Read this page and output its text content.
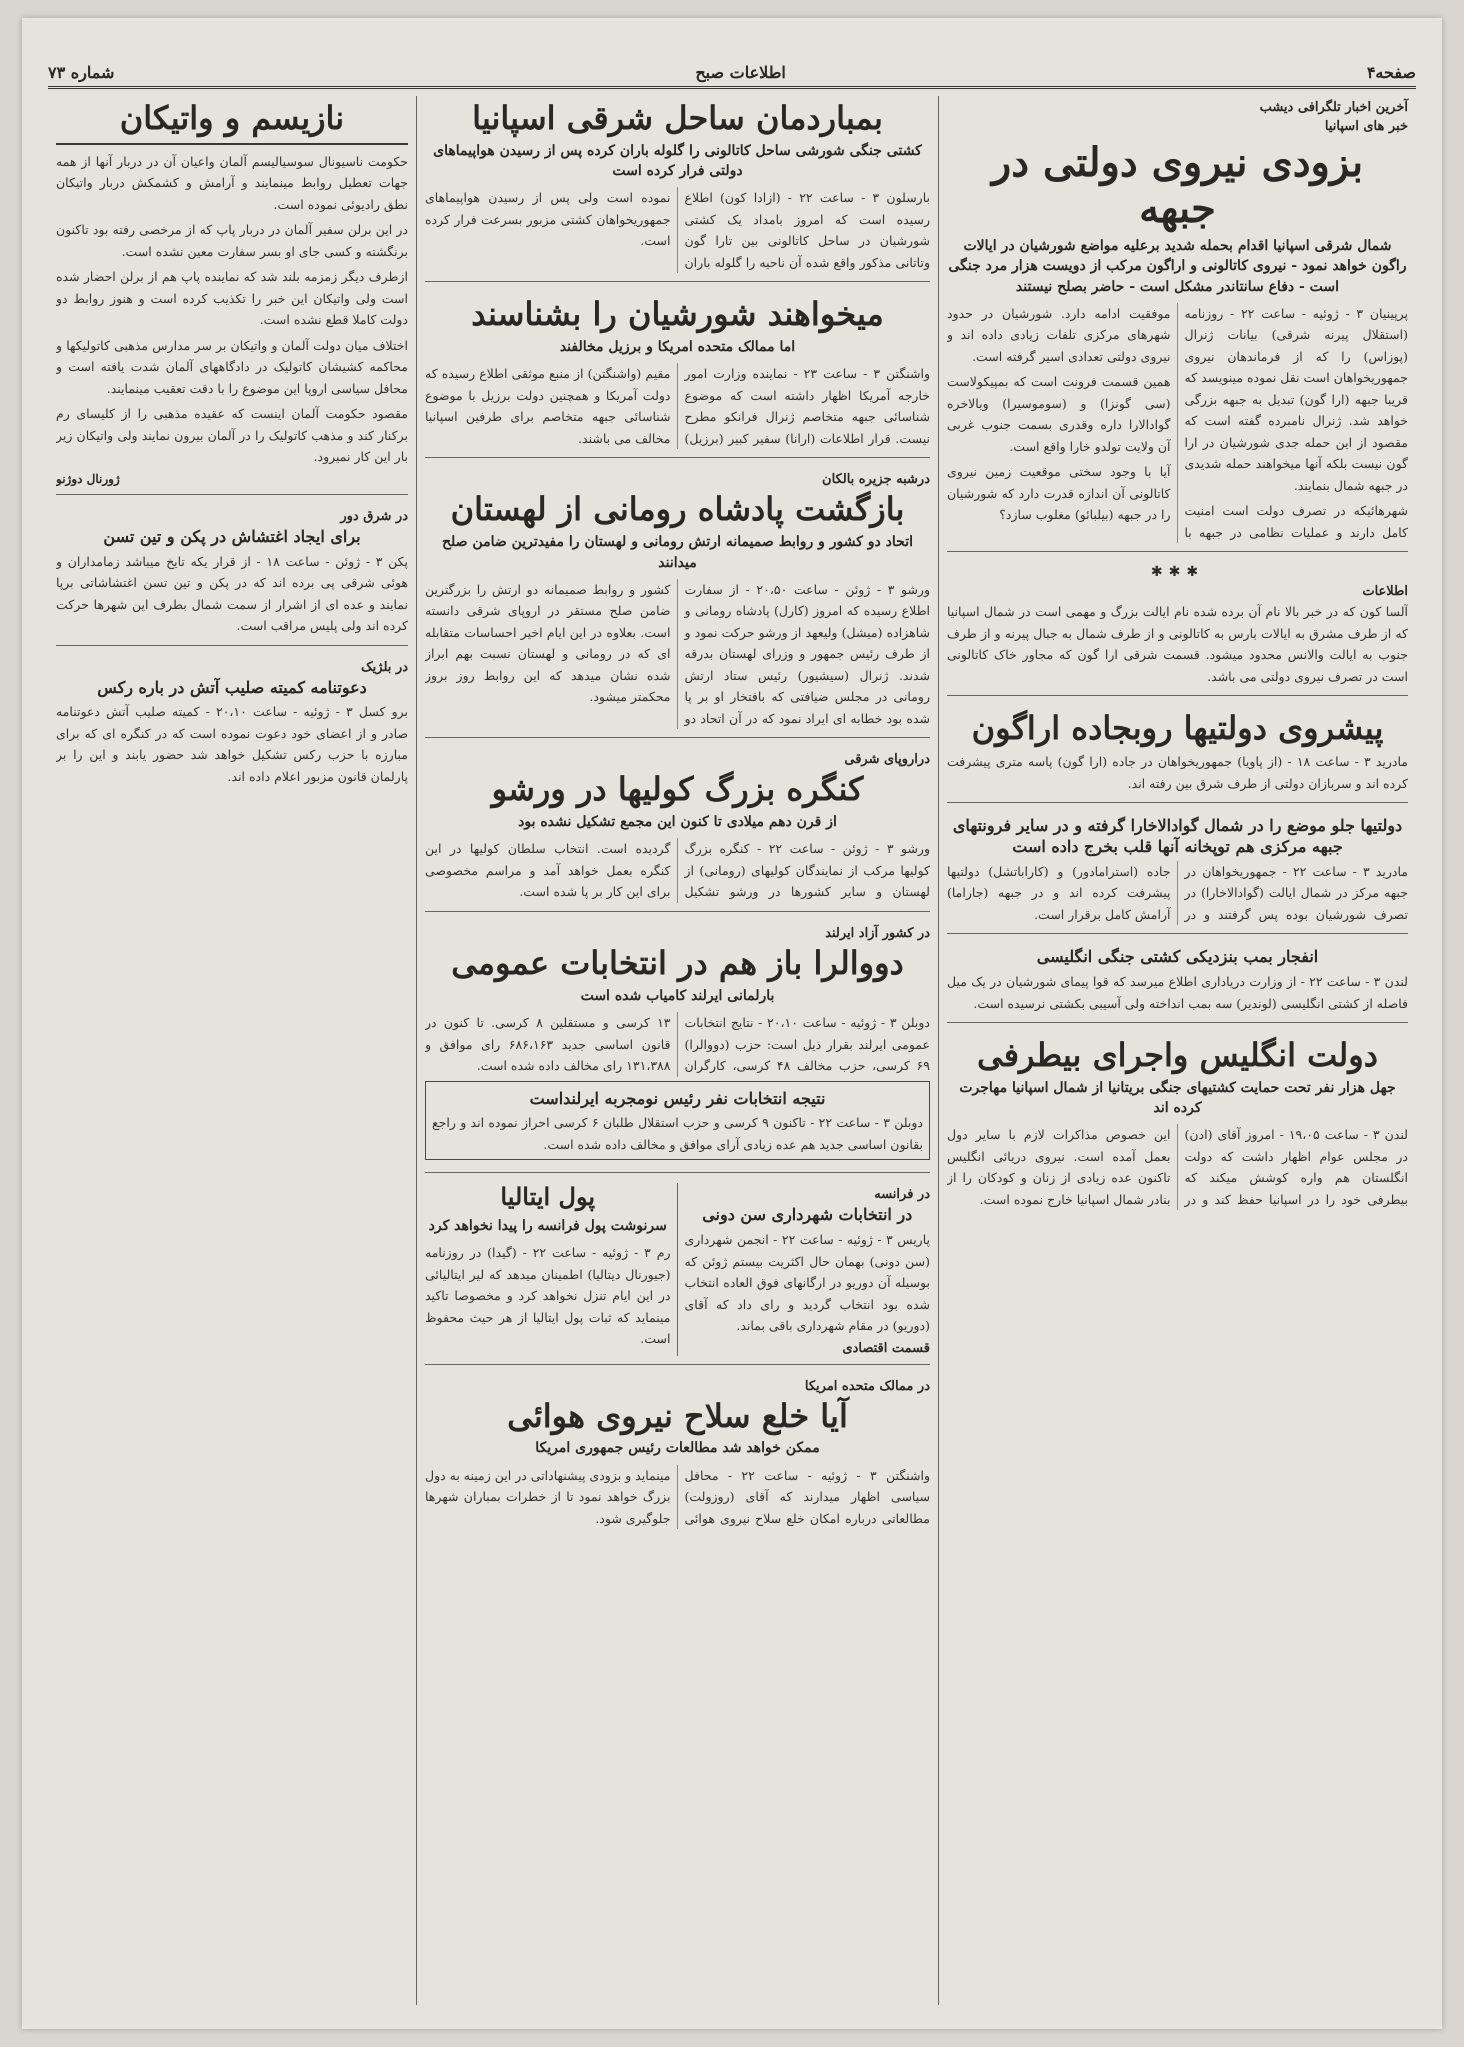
صفحه۴
اطلاعات صبح
شماره ۷۳
آخرین اخبار تلگرافی دیشب
خبر های اسپانیا
بزودی نیروی دولتی در جبهه
شمال شرقی اسپانیا اقدام بحمله شدید برعلیه مواضع شورشیان در ایالات راگون خواهد نمود - نیروی کاتالونی و اراگون مرکب از دویست هزار مرد جنگی است - دفاع سانتاندر مشکل است - حاضر بصلح نیستند

پرپینیان ۳ - ژوئیه - ساعت ۲۲ - روزنامه (استقلال پیرنه شرقی) بیانات ژنرال (پوزاس) را که از فرماندهان نیروی جمهوریخواهان است نقل نموده مینویسد که قریبا جبهه (ارا گون) تبدیل به جبهه بزرگی خواهد شد. ژنرال نامبرده گفته است که مقصود از این حمله جدی شورشیان در ارا گون نیست بلکه آنها میخواهند حمله شدیدی در جبهه شمال بنمایند.

شهرهائیکه در تصرف دولت است امنیت کامل دارند و عملیات نظامی در جبهه با موفقیت ادامه دارد. شورشیان در حدود شهرهای مرکزی تلفات زیادی داده اند و نیروی دولتی تعدادی اسیر گرفته است.

همین قسمت فرونت است که بمپیکولاست (سی گونزا) و (سوموسیرا) وبالاخره گوادالارا داره وقدری بسمت جنوب غربی آن ولایت تولدو خارا واقع است.

آیا با وجود سختی موقعیت زمین نیروی کاتالونی آن اندازه قدرت دارد که شورشیان را در جبهه (بیلبائو) مغلوب سازد؟

✱✱✱
اطلاعات
آلسا کون که در خبر بالا نام آن برده شده نام ایالت بزرگ و مهمی است در شمال اسپانیا که از طرف مشرق به ایالات بارس به کاتالونی و از طرف شمال به جبال پیرنه و از طرف جنوب به ایالت والانس محدود میشود. قسمت شرقی ارا گون که مجاور خاک کاتالونی است در تصرف نیروی دولتی می باشد.
پیشروی دولتیها روبجاده اراگون
مادرید ۳ - ساعت ۱۸ - (از پاویا) جمهوریخواهان در جاده (ارا گون) پاسه متری پیشرفت کرده اند و سربازان دولتی از طرف شرق بین رفته اند.
دولتیها جلو موضع را در شمال گوادالاخارا گرفته و در سایر فرونتهای جبهه مرکزی هم توپخانه آنها قلب بخرج داده است
مادرید ۳ - ساعت ۲۲ - جمهوریخواهان در جبهه مرکز در شمال ایالت (گوادالاخارا) در تصرف شورشیان بوده پس گرفتند و در جاده (استرامادور) و (کاراباتشل) دولتیها پیشرفت کرده اند و در جبهه (جاراما) آرامش کامل برقرار است.
انفجار بمب بنزدیکی کشتی جنگی انگلیسی
لندن ۳ - ساعت ۲۲ - از وزارت دریاداری اطلاع میرسد که قوا پیمای شورشیان در یک میل فاصله از کشتی انگلیسی (لوندیر) سه بمب انداخته ولی آسیبی بکشتی نرسیده است.
دولت انگلیس واجرای بیطرفی
جهل هزار نفر تحت حمایت کشتیهای جنگی بریتانیا از شمال اسپانیا مهاجرت کرده اند
لندن ۳ - ساعت ۱۹،۰۵ - امروز آقای (ادن) در مجلس عوام اظهار داشت که دولت انگلستان هم واره کوشش میکند که بیطرفی خود را در اسپانیا حفظ کند و در این خصوص مذاکرات لازم با سایر دول بعمل آمده است. نیروی دریائی انگلیس تاکنون عده زیادی از زنان و کودکان را از بنادر شمال اسپانیا خارج نموده است.
بمباردمان ساحل شرقی اسپانیا
کشتی جنگی شورشی ساحل کاتالونی را گلوله باران کرده پس از رسیدن هواپیماهای دولتی فرار کرده است
بارسلون ۳ - ساعت ۲۲ - (ازادا کون) اطلاع رسیده است که امروز بامداد یک کشتی شورشیان در ساحل کاتالونی بین تارا گون وتاتانی مذکور واقع شده آن ناحیه را گلوله باران نموده است ولی پس از رسیدن هواپیماهای جمهوریخواهان کشتی مزبور بسرعت فرار کرده است.
میخواهند شورشیان را بشناسند
اما ممالک متحده امریکا و برزیل مخالفند
واشنگتن ۳ - ساعت ۲۳ - نماینده وزارت امور خارجه آمریکا اظهار داشته است که موضوع شناسائی جبهه متخاصم ژنرال فرانکو مطرح نیست. قرار اطلاعات (ارانا) سفیر کبیر (برزیل) مقیم (واشنگتن) از منبع موثقی اطلاع رسیده که دولت آمریکا و همچنین دولت برزیل با موضوع شناسائی جبهه متخاصم برای طرفین اسپانیا مخالف می باشند.
درشبه جزیره بالکان
بازگشت پادشاه رومانی از لهستان
اتحاد دو کشور و روابط صمیمانه ارتش رومانی و لهستان را مفیدترین ضامن صلح میدانند
ورشو ۳ - ژوئن - ساعت ۲۰،۵۰ - از سفارت اطلاع رسیده که امروز (کارل) پادشاه رومانی و شاهزاده (میشل) ولیعهد از ورشو حرکت نمود و از طرف رئیس جمهور و وزرای لهستان بدرقه شدند. ژنرال (سیشیور) رئیس ستاد ارتش رومانی در مجلس ضیافتی که بافتخار او بر پا شده بود خطابه ای ایراد نمود که در آن اتحاد دو کشور و روابط صمیمانه دو ارتش را بزرگترین ضامن صلح مستقر در اروپای شرقی دانسته است. بعلاوه در این ایام اخیر احساسات متقابله ای که در رومانی و لهستان نسبت بهم ابراز شده نشان میدهد که این روابط روز بروز محکمتر میشود.
دراروپای شرقی
کنگره بزرگ کولیها در ورشو
از قرن دهم میلادی تا کنون این مجمع تشکیل نشده بود
ورشو ۳ - ژوئن - ساعت ۲۲ - کنگره بزرگ کولیها مرکب از نمایندگان کولیهای (رومانی) از لهستان و سایر کشورها در ورشو تشکیل گردیده است. انتخاب سلطان کولیها در این کنگره بعمل خواهد آمد و مراسم مخصوصی برای این کار بر پا شده است.
در کشور آزاد ایرلند
دووالرا باز هم در انتخابات عمومی
بارلمانی ایرلند کامیاب شده است
دوبلن ۳ - ژوئیه - ساعت ۲۰،۱۰ - نتایج انتخابات عمومی ایرلند بقرار ذیل است: حزب (دووالرا) ۶۹ کرسی، حزب مخالف ۴۸ کرسی، کارگران ۱۳ کرسی و مستقلین ۸ کرسی. تا کنون در قانون اساسی جدید ۶۸۶،۱۶۳ رای موافق و ۱۳۱،۳۸۸ رای مخالف داده شده است.
نتیجه انتخابات نفر رئیس نومجربه ایرلنداست
دوبلن ۳ - ساعت ۲۲ - تاکنون ۹ کرسی و حزب استقلال طلبان ۶ کرسی احراز نموده اند و راجع بقانون اساسی جدید هم عده زیادی آرای موافق و مخالف داده شده است.
در فرانسه
در انتخابات شهرداری سن دونی
پاریس ۳ - ژوئیه - ساعت ۲۲ - انجمن شهرداری (سن دونی) بهمان حال اکثریت بیستم ژوئن که بوسیله آن دوریو در ارگانهای فوق العاده انتخاب شده بود انتخاب گردید و رای داد که آقای (دوریو) در مقام شهرداری باقی بماند.
قسمت اقتصادی
پول ایتالیا
سرنوشت پول فرانسه را پیدا نخواهد کرد
رم ۳ - ژوئیه - ساعت ۲۲ - (گیدا) در روزنامه (جیورنال دیتالیا) اطمینان میدهد که لیر ایتالیائی در این ایام تنزل نخواهد کرد و مخصوصا تاکید مینماید که ثبات پول ایتالیا از هر حیث محفوظ است.
در ممالک متحده امریکا
آیا خلع سلاح نیروی هوائی
ممکن خواهد شد مطالعات رئیس جمهوری امریکا
واشنگتن ۳ - ژوئیه - ساعت ۲۲ - محافل سیاسی اظهار میدارند که آقای (روزولت) مطالعاتی درباره امکان خلع سلاح نیروی هوائی مینماید و بزودی پیشنهاداتی در این زمینه به دول بزرگ خواهد نمود تا از خطرات بمباران شهرها جلوگیری شود.
نازیسم و واتیکان

حکومت ناسیونال سوسیالیسم آلمان واعیان آن در دربار آنها از همه جهات تعطیل روابط مینمایند و آرامش و کشمکش دربار واتیکان نطق رادیوئی نموده است.

در این برلن سفیر آلمان در دربار پاپ که از مرخصی رفته بود تاکنون برنگشته و کسی جای او بسر سفارت معین نشده است.

ازطرف دیگر زمزمه بلند شد که نماینده پاپ هم از برلن احضار شده است ولی واتیکان این خبر را تکذیب کرده است و هنوز روابط دو دولت کاملا قطع نشده است.

اختلاف میان دولت آلمان و واتیکان بر سر مدارس مذهبی کاتولیکها و محاکمه کشیشان کاتولیک در دادگاههای آلمان شدت یافته است و محافل سیاسی اروپا این موضوع را با دقت تعقیب مینمایند.

مقصود حکومت آلمان اینست که عقیده مذهبی را از کلیسای رم برکنار کند و مذهب کاتولیک را در آلمان بیرون نمایند ولی واتیکان زیر بار این کار نمیرود.

ژورنال دوژنو
در شرق دور
برای ایجاد اغتشاش در پکن و تین تسن
پکن ۳ - ژوئن - ساعت ۱۸ - از قرار یکه تایخ میباشد زمامداران و هوئی شرقی پی برده اند که در پکن و تین تسن اغتشاشاتی برپا نمایند و عده ای از اشرار از سمت شمال بطرف این شهرها حرکت کرده اند ولی پلیس مراقب است.
در بلژیک
دعوتنامه کمیته صلیب آتش در باره رکس
برو کسل ۳ - ژوئیه - ساعت ۲۰،۱۰ - کمیته صلیب آتش دعوتنامه صادر و از اعضای خود دعوت نموده است که در کنگره ای که برای مبارزه با حزب رکس تشکیل خواهد شد حضور یابند و این را بر پارلمان قانون مزبور اعلام داده اند.
